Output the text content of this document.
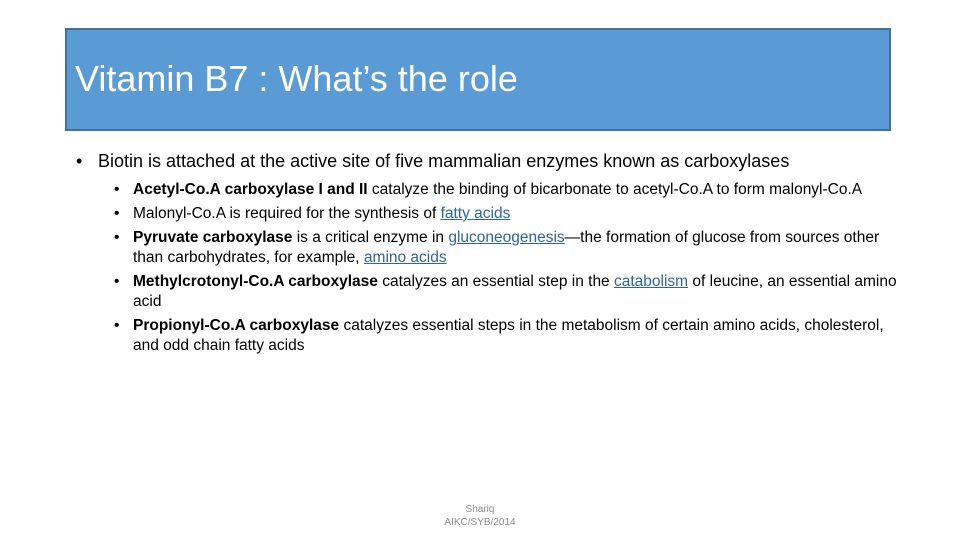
Vitamin B7 : What’s the role
• Biotin is attached at the active site of five mammalian enzymes known as carboxylases
• Acetyl-Co.A carboxylase I and II catalyze the binding of bicarbonate to acetyl-Co.A to form malonyl-Co.A
• Malonyl-Co.A is required for the synthesis of fatty acids
• Pyruvate carboxylase is a critical enzyme in gluconeogenesis—the formation of glucose from sources other than carbohydrates, for example, amino acids
• Methylcrotonyl-Co.A carboxylase catalyzes an essential step in the catabolism of leucine, an essential amino acid
• Propionyl-Co.A carboxylase catalyzes essential steps in the metabolism of certain amino acids, cholesterol, and odd chain fatty acids
Shariq
AIKC/SYB/2014
